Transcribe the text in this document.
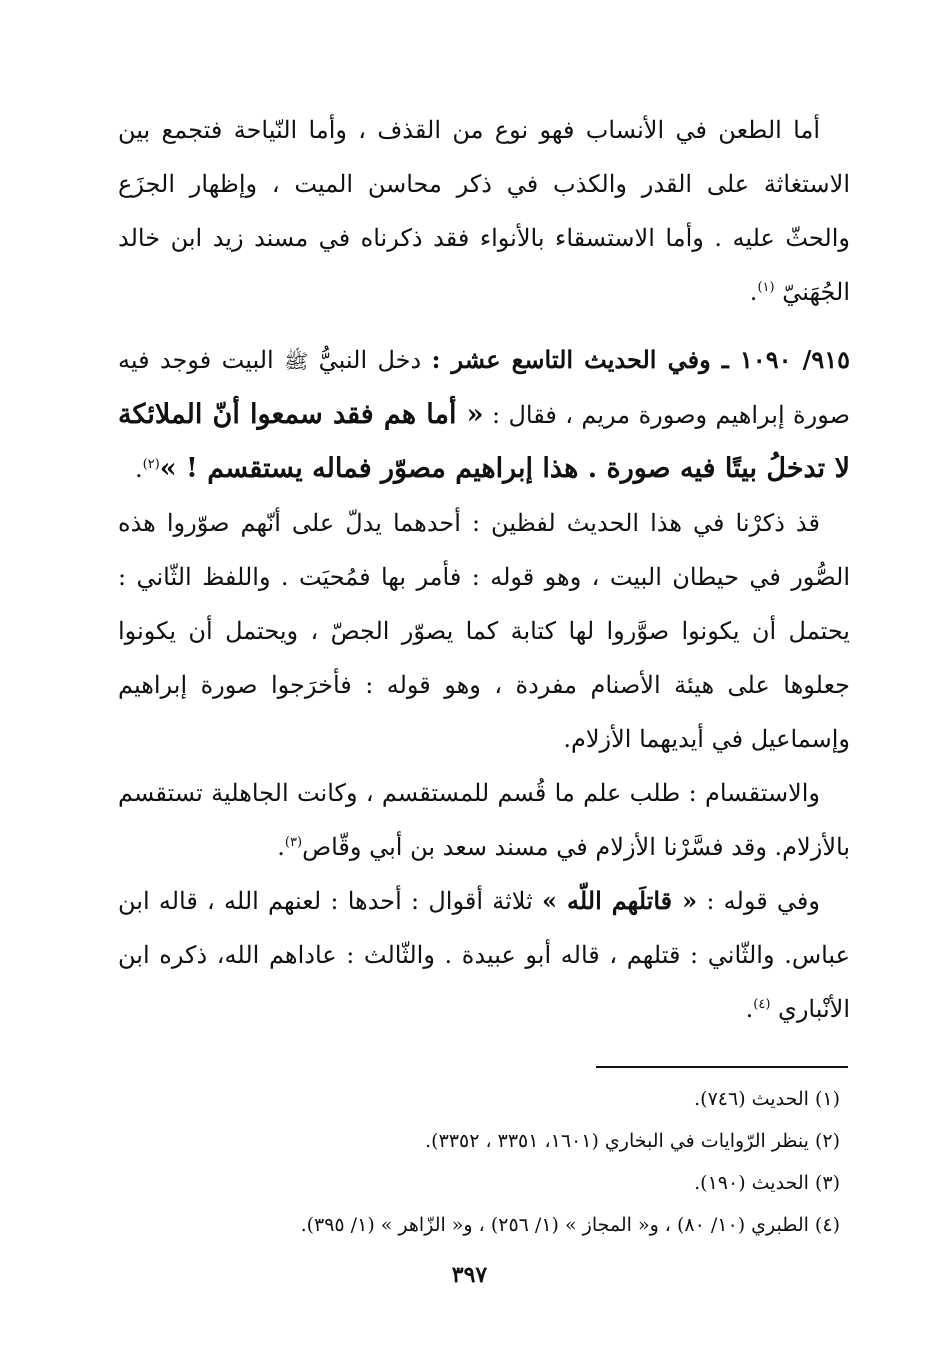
أما الطعن في الأنساب فهو نوع من القذف ، وأما النّياحة فتجمع بين الاستغاثة على القدر والكذب في ذكر محاسن الميت ، وإظهار الجزَع والحثّ عليه . وأما الاستسقاء بالأنواء فقد ذكرناه في مسند زيد ابن خالد الجُهَنيّ $^{(١)}$.

٩١٥/ ١٠٩٠ ـ وفي الحديث التاسع عشر : دخل النبيُّ ﷺ البيت فوجد فيه صورة إبراهيم وصورة مريم ، فقال : « أما هم فقد سمعوا أنّ الملائكة لا تدخلُ بيتًا فيه صورة . هذا إبراهيم مصوّر فماله يستقسم ! »$^{(٢)}$.

قذ ذكرْنا في هذا الحديث لفظين : أحدهما يدلّ على أنّهم صوّروا هذه الصُّور في حيطان البيت ، وهو قوله : فأمر بها فمُحيَت . واللفظ الثّاني : يحتمل أن يكونوا صوَّروا لها كتابة كما يصوّر الجصّ ، ويحتمل أن يكونوا جعلوها على هيئة الأصنام مفردة ، وهو قوله : فأخرَجوا صورة إبراهيم وإسماعيل في أيديهما الأزلام.

والاستقسام : طلب علم ما قُسم للمستقسم ، وكانت الجاهلية تستقسم بالأزلام. وقد فسَّرْنا الأزلام في مسند سعد بن أبي وقّاص$^{(٣)}$.

وفي قوله : « قاتلَهم اللّه » ثلاثة أقوال : أحدها : لعنهم الله ، قاله ابن عباس. والثّاني : قتلهم ، قاله أبو عبيدة . والثّالث : عاداهم الله، ذكره ابن الأنْباري $^{(٤)}$.

(١) الحديث (٧٤٦).

(٢) ينظر الرّوايات في البخاري (١٦٠١، ٣٣٥١ ، ٣٣٥٢).

(٣) الحديث (١٩٠).

(٤) الطبري (١٠/ ٨٠) ، و« المجاز » (١/ ٢٥٦) ، و« الزّاهر » (١/ ٣٩٥).

٣٩٧
